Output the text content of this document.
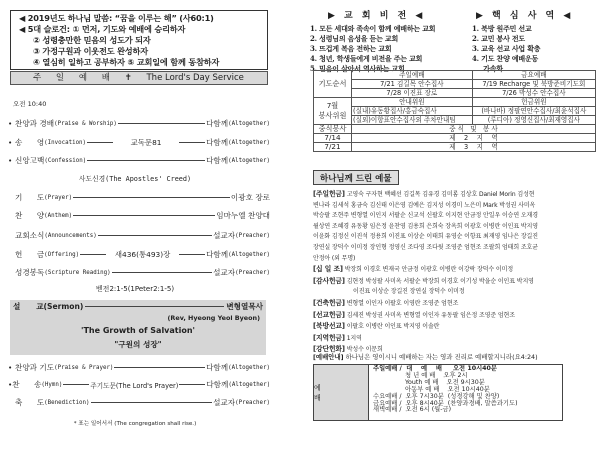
◀ 2019년도 하나님 말씀: “꿈을 이루는 해” (사60:1)
◀ 5대 슬로건: ① 먼저, 기도와 예배에 승리하자
② 성령충만한 믿음의 성도가 되자
③ 가정구원과 이웃전도 완성하자
④ 열심히 일하고 공부하자 ⑤ 교회일에 함께 동참하자
주 일 예 배 ✝ The Lord's Day Service
오전 10:40
• 찬양과 경배 (Praise & Worship)	다함께 (Altogether)
• 송      영 (Invocation)	교독문81	다함께 (Altogether)
• 신앙고백 (Confession)	다함께 (Altogether)
기      도 (Prayer)	이광호 장로
찬      양 (Anthem)	임마누엘 찬양대
교회소식 (Announcements)	설교자 (Preacher)
헌      금 (Offering)	새436(통493)장	다함께 (Altogether)
성경봉독 (Scripture Reading)	설교자 (Preacher)
사도신경(The Apostles' Creed)
벧전2:1-5(1Peter2:1-5)
설      교 (Sermon)	변형열목사
(Rev, Hyeong Yeol Byeon)
'The Growth of Salvation'
"구원의 성장"
• 찬양과 기도 (Praise & Prayer)	다함께 (Altogether)
• 찬      송 (Hymn)	주기도문(The Lord's Prayer)	다함께 (Altogether)
축      도 (Benediction)	설교자 (Preacher)
* 표는 일어서서 (The congregation shall rise.)
▶ 교 회 비 전 ◀
1. 모든 세대와 족속이 함께 예배하는 교회
2. 성령님의 음성을 듣는 교회
3. 뜨겁게 복음 전하는 교회
4. 청년, 학생들에게 비전을 주는 교회
5. 믿음이 살아서 역사하는 교회
▶ 핵 심 사 역 ◀
1. 북방 원주민 선교
2. 교민 봉사 전도
3. 교육 선교 사업 확충
4. 기도 찬양 예배운동
가속화
기도순서	주일예배	금요예배
	7/21 김길목 안수집사	7/19 Recharge 및 북방준비기도회
	7/28 이진표 장로	7/26 박성수 안수집사

7월
봉사위원	안내위원	헌금위원
	(실내)유동황집사/홍금숙집사	(바나바) 정팔연안수집사/최윤석집사
	(실외)이항표안수집사외 주차안내팀	(루디아) 정영신집사/최재영집사
중식봉사	중 식   및   봉 사	
7/14	제    2    지    역	
7/21	제    3    지    역	
하나님께 드린 예물
[주일헌금] 고영숙 구자현 백혜선 김길목 김유경 김미롬 김상호 Daniel Morin 김성현
변나라 김세석 홍금숙 김신태 이은영 김예은 김지성 이경미 노은미 Mark 박성권 사미옥
박승팔 조현주 변형열 이인지 서팔순 신교석 신팔호 이지현 안금정 안일우 이승연 오재경
윌상연 조혜경 유동황 임은정 윤찬영 김용희 은희숙 장옥희 이광호 이병란 이인표 박지영
이윤화 김정신 이진석 정용희 이진표 이상순 이태희 유영순 이항표 최재영 임나은 장길진
장연실 장덕수 이미정 장인형 정영신 조다영 조다윗 조영준 엄현조 조팔희 엄태희 조호균
안정아 (외 무명)
[십 일 조] 박장희 이경호 변재국 안금정 이광호 이병란 이강락 장덕수 이미정
[감사헌금] 김현정 박성팔 사미옥 서팔순 박장희 이경호 이기성 박을순 이인표 박지영
이진표 이상순 장길진 장연실 장덕수 이미정
[건축헌금] 변형열 이인자 이팔호 이영란 조영준 엄현조
[선교헌금] 김세진 박성권 사미옥 변형열 이인자 유동팔 임은정 조영준 엄현조
[북방선교] 이팔호 이병란 이인표 박지영 이솔란
[지역헌금] 1지역
[강단헌화] 박성수 이문희
[예배안내] 하나님은 영이시니 예배하는 자는 영과 진리로 예배할지니라(요4:24)
예 배
주일예배 /  대    예    배     오전 10시40분
청 년 예 배    오후 2시
Youth 예 배    오전 9시30분
아동부 예 배    오전 10시40분
수요예배 /  오후 7시30분  (성경강해 및 찬양)
금요예배 /  오후 8시40분  (찬양과경배, 말씀과기도)
새벽예배 /  오전 6시 (월-금)
